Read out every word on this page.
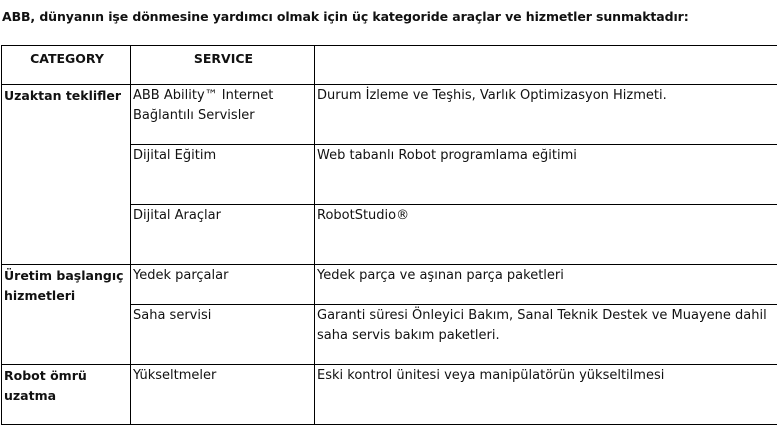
ABB, dünyanın işe dönmesine yardımcı olmak için üç kategoride araçlar ve hizmetler sunmaktadır:
CATEGORY	SERVICE	
Uzaktan teklifler	ABB Ability™ Internet Bağlantılı Servisler	Durum İzleme ve Teşhis, Varlık Optimizasyon Hizmeti.
	Dijital Eğitim	Web tabanlı Robot programlama eğitimi
	Dijital Araçlar	RobotStudio®
Üretim başlangıç hizmetleri	Yedek parçalar	Yedek parça ve aşınan parça paketleri
	Saha servisi	Garanti süresi Önleyici Bakım, Sanal Teknik Destek ve Muayene dahil saha servis bakım paketleri.
Robot ömrü uzatma	Yükseltmeler	Eski kontrol ünitesi veya manipülatörün yükseltilmesi
